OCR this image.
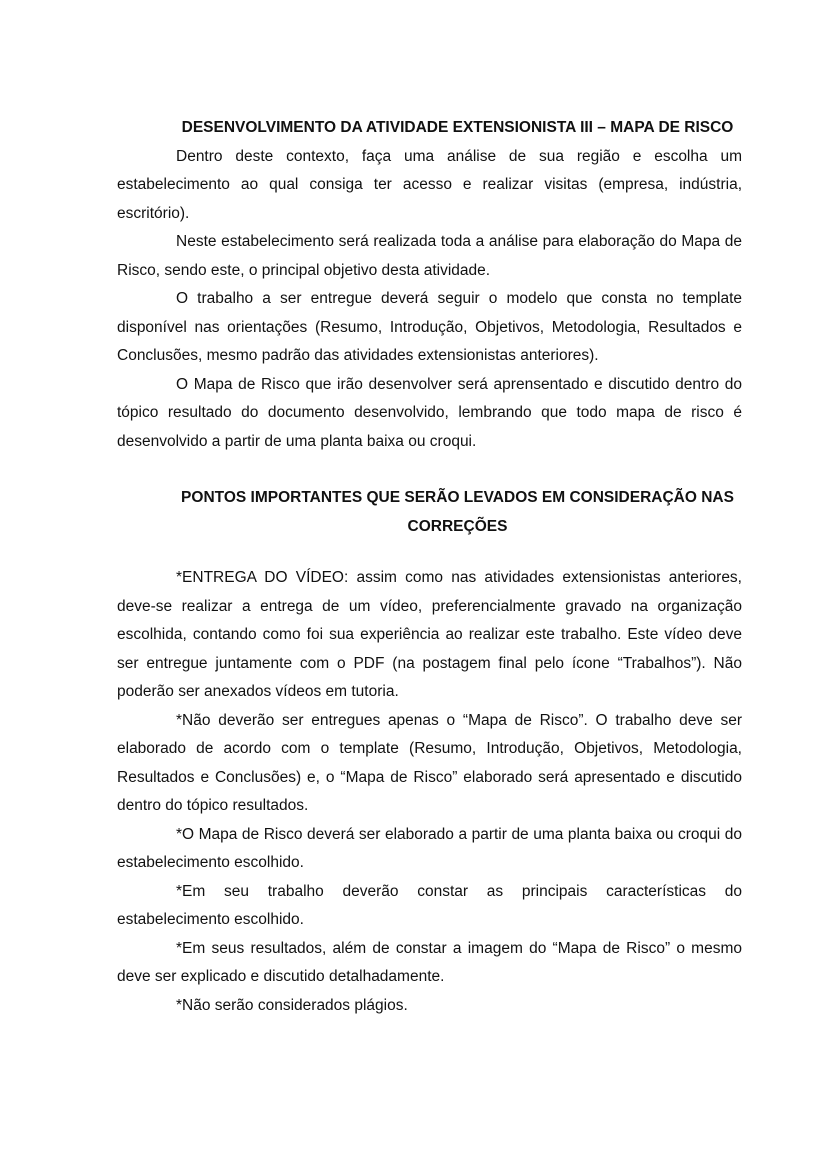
DESENVOLVIMENTO DA ATIVIDADE EXTENSIONISTA III – MAPA DE RISCO

Dentro deste contexto, faça uma análise de sua região e escolha um estabelecimento ao qual consiga ter acesso e realizar visitas (empresa, indústria, escritório).

Neste estabelecimento será realizada toda a análise para elaboração do Mapa de Risco, sendo este, o principal objetivo desta atividade.

O trabalho a ser entregue deverá seguir o modelo que consta no template disponível nas orientações (Resumo, Introdução, Objetivos, Metodologia, Resultados e Conclusões, mesmo padrão das atividades extensionistas anteriores).

O Mapa de Risco que irão desenvolver será aprensentado e discutido dentro do tópico resultado do documento desenvolvido, lembrando que todo mapa de risco é desenvolvido a partir de uma planta baixa ou croqui.

PONTOS IMPORTANTES QUE SERÃO LEVADOS EM CONSIDERAÇÃO NAS CORREÇÕES

*ENTREGA DO VÍDEO: assim como nas atividades extensionistas anteriores, deve-se realizar a entrega de um vídeo, preferencialmente gravado na organização escolhida, contando como foi sua experiência ao realizar este trabalho. Este vídeo deve ser entregue juntamente com o PDF (na postagem final pelo ícone “Trabalhos”). Não poderão ser anexados vídeos em tutoria.

*Não deverão ser entregues apenas o “Mapa de Risco”. O trabalho deve ser elaborado de acordo com o template (Resumo, Introdução, Objetivos, Metodologia, Resultados e Conclusões) e, o “Mapa de Risco” elaborado será apresentado e discutido dentro do tópico resultados.

*O Mapa de Risco deverá ser elaborado a partir de uma planta baixa ou croqui do estabelecimento escolhido.

*Em seu trabalho deverão constar as principais características do estabelecimento escolhido.

*Em seus resultados, além de constar a imagem do “Mapa de Risco” o mesmo deve ser explicado e discutido detalhadamente.

*Não serão considerados plágios.
